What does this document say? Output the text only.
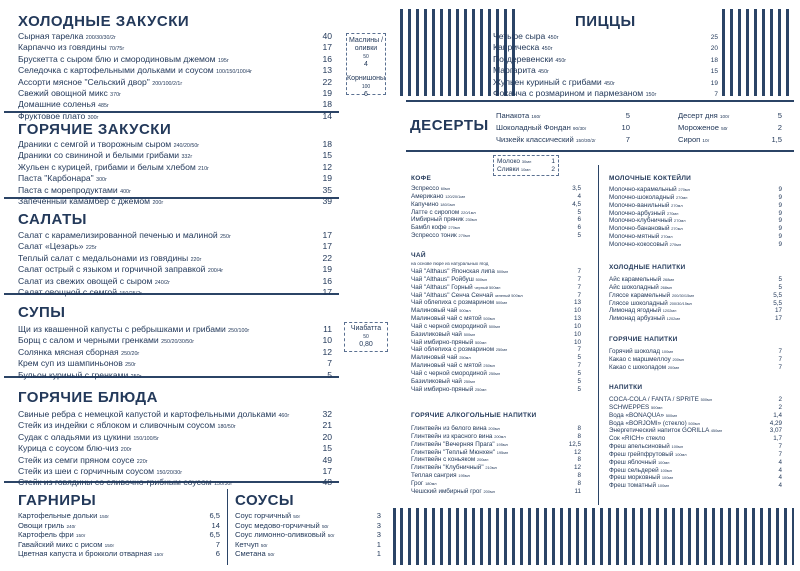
ХОЛОДНЫЕ ЗАКУСКИ
Сырная тарелка 200/30/30/2г	40
Карпаччо из говядины 70/75г	17
Брускетта с сыром блю и смородиновым джемом 195г	16
Селедочка с картофельными дольками и соусом 100/150/100/4г	13
Ассорти мясное "Сельский двор" 200/100/2/1г	22
Свежий овощной микс 370г	19
Домашние соленья 485г	18
Фруктовое плато 300г	14
Маслины /оливки
50
4
Корнишоны
100
6
ГОРЯЧИЕ ЗАКУСКИ
Драники с семгой и творожным сыром 240/20/50г	18
Драники со свининой и белыми грибами 332г	15
Жульен с курицей, грибами и белым хлебом 210г	12
Паста "Карбонара" 300г	19
Паста с морепродуктами 400г	35
Запеченный камамбер с джемом 200г	39
САЛАТЫ
Салат с карамелизированной печенью и малиной 250г	17
Салат «Цезарь» 225г	17
Теплый салат с медальонами из говядины 220г	22
Салат острый с языком и горчичной заправкой 200/4г	19
Салат из свежих овощей с сыром 240/2г	16
Салат овощной с семгой 150/25/2г	17
СУПЫ
Щи из квашенной капусты с ребрышками и грибами 250/100г	11
Борщ с салом и черными гренками 250/20/30/50г	10
Солянка мясная сборная 250/20г	12
Крем суп из шампиньонов 250г	7
Бульон куриный с гренками 250г	5
Чиабатта
50
0,80
ГОРЯЧИЕ БЛЮДА
Свиные ребра с немецкой капустой и картофельными дольками 460г	32
Стейк из индейки с яблоком и сливочным соусом 180/50г	21
Судак с оладьями из цукини 150/100/5г	20
Курица с соусом блю-чиз 200г	15
Стейк из семги пряном соусе 220г	49
Стейк из шеи с горчичным соусом 150/20/30г	17
Стейк из говядины со сливочно-грибным соусом 150/30г	48
ГАРНИРЫ
Картофельные дольки 150г	6,5
Овощи гриль 240г	14
Картофель фри 150г	6,5
Гавайский микс с рисом 150г	7
Цветная капуста и брокколи отварная 150г	6
СОУСЫ
Соус горчичный 50г	3
Соус медово-горчичный 50г	3
Соус лимонно-оливковый 50г	3
Кетчуп 50г	1
Сметана 50г	1
ПИЦЦЫ
Четыре сыра 450г	25
Каприческа 450г	20
По-деревенски 450г	18
Маргарита 450г	15
Жульен куриный с грибами 450г	19
Фокачча с розмарином и пармезаном 150г	7
ДЕСЕРТЫ
Панакота 160г	5
Шоколадный Фондан 90/30г	10
Чизкейк классический 150/30/2г	7
Десерт дня 100г	5
Мороженое 50г	2
Сироп 10г	1,5
Молоко 30мл	1
Сливки 10мл	2
КОФЕ
Эспрессо 60мл	3,5
Американо 120/20/1мл	4
Капучино 180/1мл	4,5
Латте с сиропом 220/1мл	5
Имбирный пряник 230мл	6
Бамбл кофе 270мл	6
Эспрессо тоник 270мл	5
ЧАЙ
на основе пюре из натуральных ягод
Чай "Althaus" Японская липа 500мл	7
Чай "Althaus" Ройбуш 500мл	7
Чай "Althaus" Горный черный 500мл	7
Чай "Althaus" Сенча Сенчай зеленый 500мл	7
Чай облепиха с розмарином 500мл	13
Малиновый чай 500мл	10
Малиновый чай с мятой 500мл	13
Чай с черной смородиной 500мл	10
Базиликовый чай 500мл	10
Чай имбирно-пряный 500мл	10
Чай облепиха с розмарином 250мл	7
Малиновый чай 250мл	5
Малиновый чай с мятой 250мл	7
Чай с черной смородиной 250мл	5
Базиликовый чай 250мл	5
Чай имбирно-пряный 250мл	5
ГОРЯЧИЕ АЛКОГОЛЬНЫЕ НАПИТКИ
Глинтвейн из белого вина 200мл	8
Глинтвейн из красного вина 200мл	8
Глинтвейн "Вечерняя Прага" 195мл	12,5
Глинтвейн "Теплый Мюнхен" 195мл	12
Глинтвейн с коньяком 200мл	8
Глинтвейн "Клубничный" 210мл	12
Теплая сангрия 195мл	8
Грог 180мл	8
Чешский имбирный грог 200мл	11
МОЛОЧНЫЕ КОКТЕЙЛИ
Молочно-карамельный 270мл	9
Молочно-шоколадный 270мл	9
Молочно-ванильный 270мл	9
Молочно-арбузный 270мл	9
Молочно-клубничный 270мл	9
Молочно-банановый 270мл	9
Молочно-мятный 270мл	9
Молочно-кокосовый 270мл	9
ХОЛОДНЫЕ НАПИТКИ
Айс карамельный 268мл	5
Айс шоколадный 268мл	5
Гляссе карамельный 200/30/15мл	5,5
Гляссе шоколадный 200/30/15мл	5,5
Лимонад ягодный 1202мл	17
Лимонад арбузный 1202мл	17
ГОРЯЧИЕ НАПИТКИ
Горячий шоколад 100мл	7
Какао с маршмеллоу 200мл	7
Какао с шоколадом 200мл	7
НАПИТКИ
COCA-COLA / FANTA / SPRITE 500мл	2
SCHWEPPES 500мл	2
Вода «BONAQUA» 500мл	1,4
Вода «BORJOMI» (стекло) 500мл	4,29
Энергетический напиток GORILLA 450мл	3,07
Сок «RICH» стекло	1,7
Фреш апельсиновый 100мл	7
Фреш грейпфрутовый 100мл	7
Фреш яблочный 100мл	4
Фреш сельдерей 100мл	4
Фреш морковный 100мл	4
Фреш томатный 100мл	4
